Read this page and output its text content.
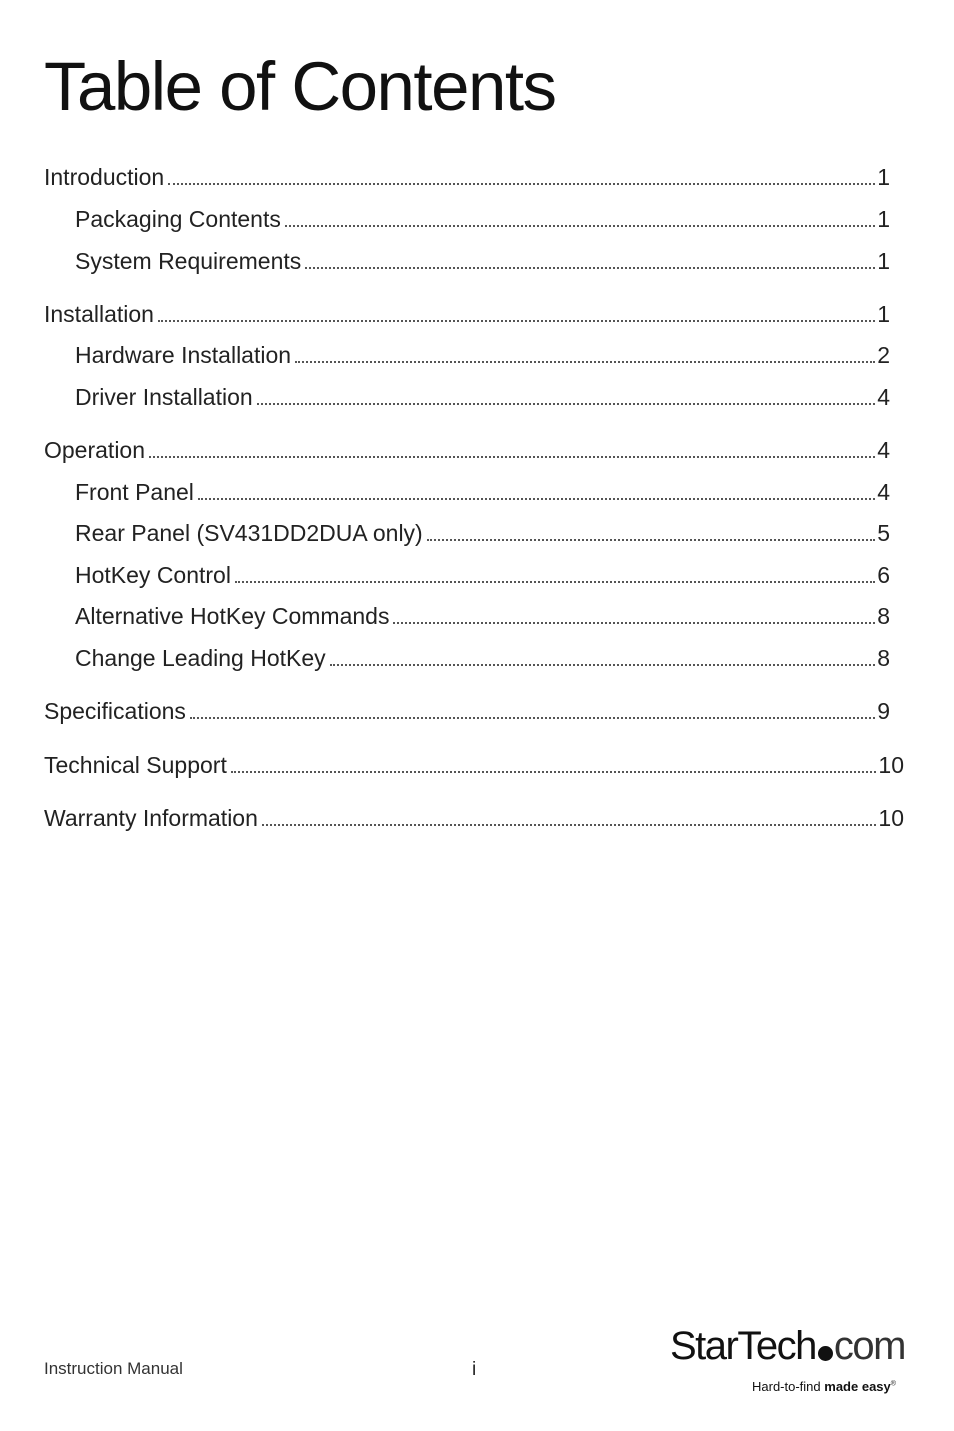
Table of Contents
Introduction	1
Packaging Contents	1
System Requirements	1
Installation	1
Hardware Installation	2
Driver Installation	4
Operation	4
Front Panel	4
Rear Panel (SV431DD2DUA only)	5
HotKey Control	6
Alternative HotKey Commands	8
Change Leading HotKey	8
Specifications	9
Technical Support	10
Warranty Information	10
Instruction Manual	i
StarTech com
Hard-to-find made easy®
